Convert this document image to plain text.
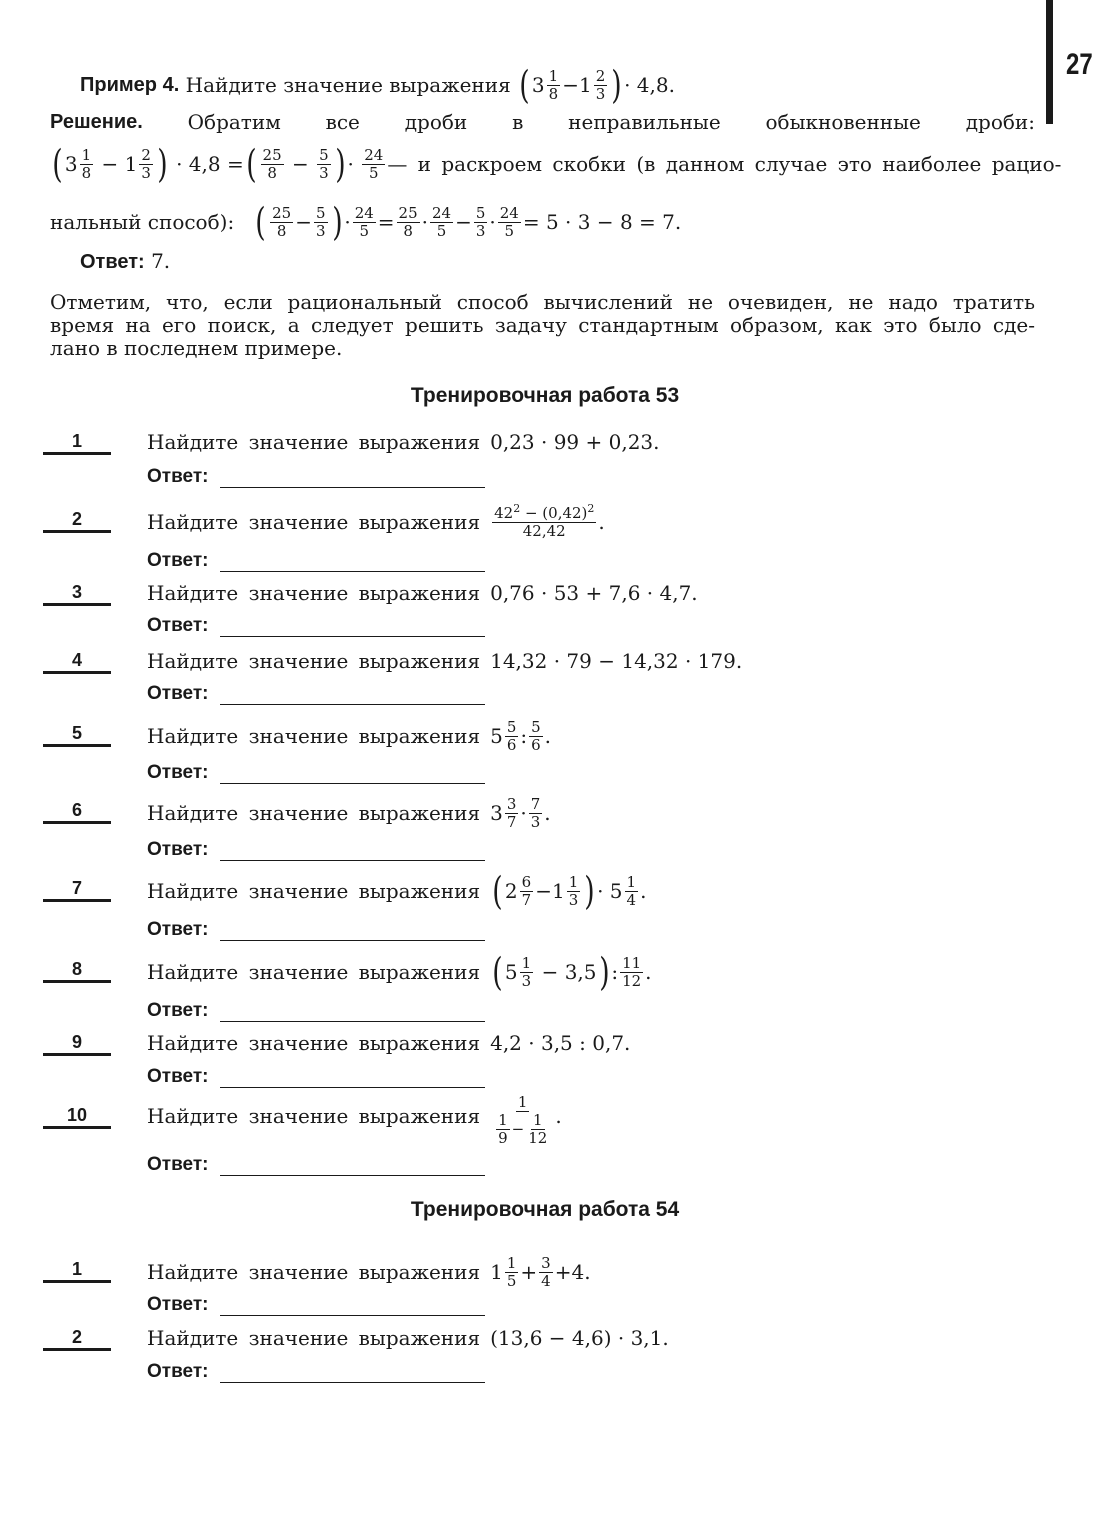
27
Пример 4.
Найдите значение выражения
( $3 \frac{1}{8} - 1 \frac{2}{3}$ ) · 4,8.
Решение. Обратим все дроби в неправильные обыкновенные дроби:
( $3 \frac{1}{8}$
−
$1 \frac{2}{3}$ )
·
4,8
= ( $\frac{25}{8}$
−
$\frac{5}{3}$ ) ·
$\frac{24}{5}$ — и раскроем скобки (в данном случае это наиболее рацио-
нальный способ):
( $\frac{25}{8} - \frac{5}{3}$ ) · $\frac{24}{5} = \frac{25}{8} \cdot \frac{24}{5} - \frac{5}{3} \cdot \frac{24}{5} = 5 \cdot 3 - 8 = 7$.
Ответ: 7.
Отметим, что, если рациональный способ вычислений не очевиден, не надо тратить
время на его поиск, а следует решить задачу стандартным образом, как это было сде-
лано в последнем примере.
Тренировочная работа 53
1	Найдите значение выражения 0,23 · 99 + 0,23.
Ответ:
2	Найдите значение выражения $\frac{42^2 - (0,42)^2}{42,42}$ .
Ответ:
3	Найдите значение выражения 0,76 · 53 + 7,6 · 4,7.
Ответ:
4	Найдите значение выражения 14,32 · 79 − 14,32 · 179.
Ответ:
5	Найдите значение выражения $5 \frac{5}{6}$ : $\frac{5}{6}$ .
Ответ:
6	Найдите значение выражения $3 \frac{3}{7} \cdot \frac{7}{3}$ .
Ответ:
7	Найдите значение выражения ( $2 \frac{6}{7} - 1 \frac{1}{3}$ ) ·
$5 \frac{1}{4}$ .
Ответ:
8	Найдите значение выражения ( $5 \frac{1}{3}$
−
3,5 ) : $\frac{11}{12}$ .
Ответ:
9	Найдите значение выражения 4,2 · 3,5 : 0,7.
Ответ:
10	Найдите значение выражения $\frac{1}{\frac{1}{9} - \frac{1}{12}}$ .
Ответ:
Тренировочная работа 54
1	Найдите значение выражения $1 \frac{1}{5} + \frac{3}{4} + 4$ .
Ответ:
2	Найдите значение выражения (13,6 − 4,6) · 3,1.
Ответ:
